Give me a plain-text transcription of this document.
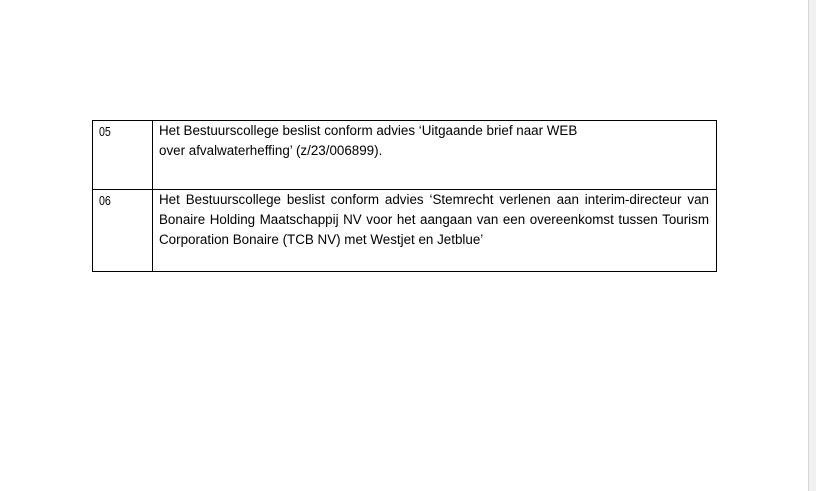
05	Het Bestuurscollege beslist conform advies ‘Uitgaande brief naar WEB
over afvalwaterheffing’ (z/23/006899).

06	Het Bestuurscollege beslist conform advies ‘Stemrecht verlenen aan interim-directeur van Bonaire Holding Maatschappij NV voor het aangaan van een overeenkomst tussen Tourism Corporation Bonaire (TCB NV) met Westjet en Jetblue’
